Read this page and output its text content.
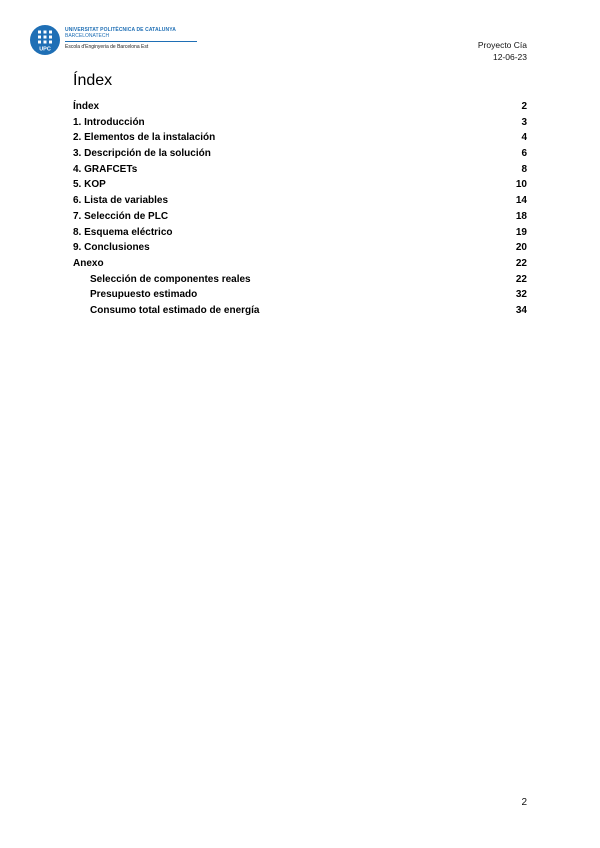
UPC
UNIVERSITAT POLITÈCNICA DE CATALUNYA
BARCELONATECH
Escola d'Enginyeria de Barcelona Est	Proyecto Cía
12-06-23
Índex
Índex	2
1. Introducción	3
2. Elementos de la instalación	4
3. Descripción de la solución	6
4. GRAFCETs	8
5. KOP	10
6. Lista de variables	14
7. Selección de PLC	18
8. Esquema eléctrico	19
9. Conclusiones	20
Anexo	22
Selección de componentes reales	22
Presupuesto estimado	32
Consumo total estimado de energía	34
2
